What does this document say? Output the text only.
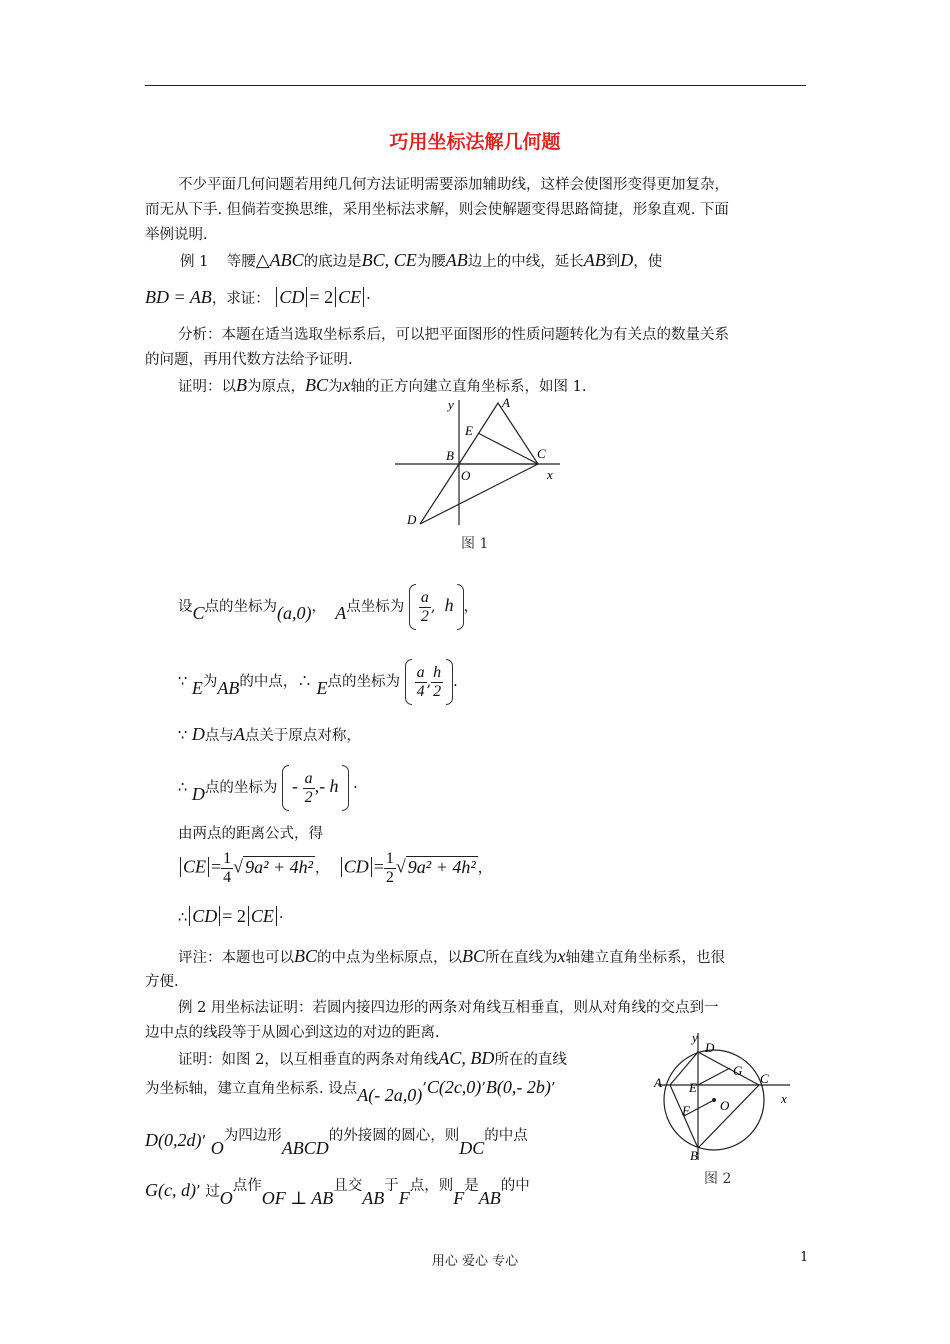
巧用坐标法解几何题
不少平面几何问题若用纯几何方法证明需要添加辅助线，这样会使图形变得更加复杂，
而无从下手. 但倘若变换思维，采用坐标法求解，则会使解题变得思路简捷，形象直观. 下面
举例说明.
例 1 等腰△ABC的底边是BC, CE为腰AB边上的中线，延长AB到D，使
BD = AB，求证： CD = 2 CE ·
分析：本题在适当选取坐标系后，可以把平面图形的性质问题转化为有关点的数量关系
的问题，再用代数方法给予证明.
证明：以B为原点，BC为x轴的正方向建立直角坐标系，如图 1.
y	A
E
B	C
O	x
D
图 1
设C点的坐标为(a,0)， A点坐标为 $\frac{a}{2}$ ,  h ，
∵ E为AB的中点，∴ E点的坐标为 $\frac{a}{4}$ , $\frac{h}{2}$ .
∵ D点与A点关于原点对称，
∴ D点的坐标为 - $\frac{a}{2}$ ,- h ·
由两点的距离公式，得
CE = $\frac{1}{4}$ √ 9a² + 4h² ， CD = $\frac{1}{2}$ √ 9a² + 4h² ，
∴ CD = 2 CE ·
评注：本题也可以BC的中点为坐标原点，以BC所在直线为x轴建立直角坐标系，也很
方便.
例 2 用坐标法证明：若圆内接四边形的两条对角线互相垂直，则从对角线的交点到一
边中点的线段等于从圆心到这边的对边的距离.
证明：如图 2，以互相垂直的两条对角线AC, BD所在的直线
为坐标轴，建立直角坐标系. 设点A(- 2a,0)’C(2c,0)’B(0,- 2b)’
D(0,2d)’ O为四边形ABCD的外接圆的圆心，则DC的中点
G(c, d)’ 过O点作OF ⊥ AB且交AB于F点，则F是AB的中
y
D
G
A E
C
x
F O
B
图 2
用心 爱心 专心	1
